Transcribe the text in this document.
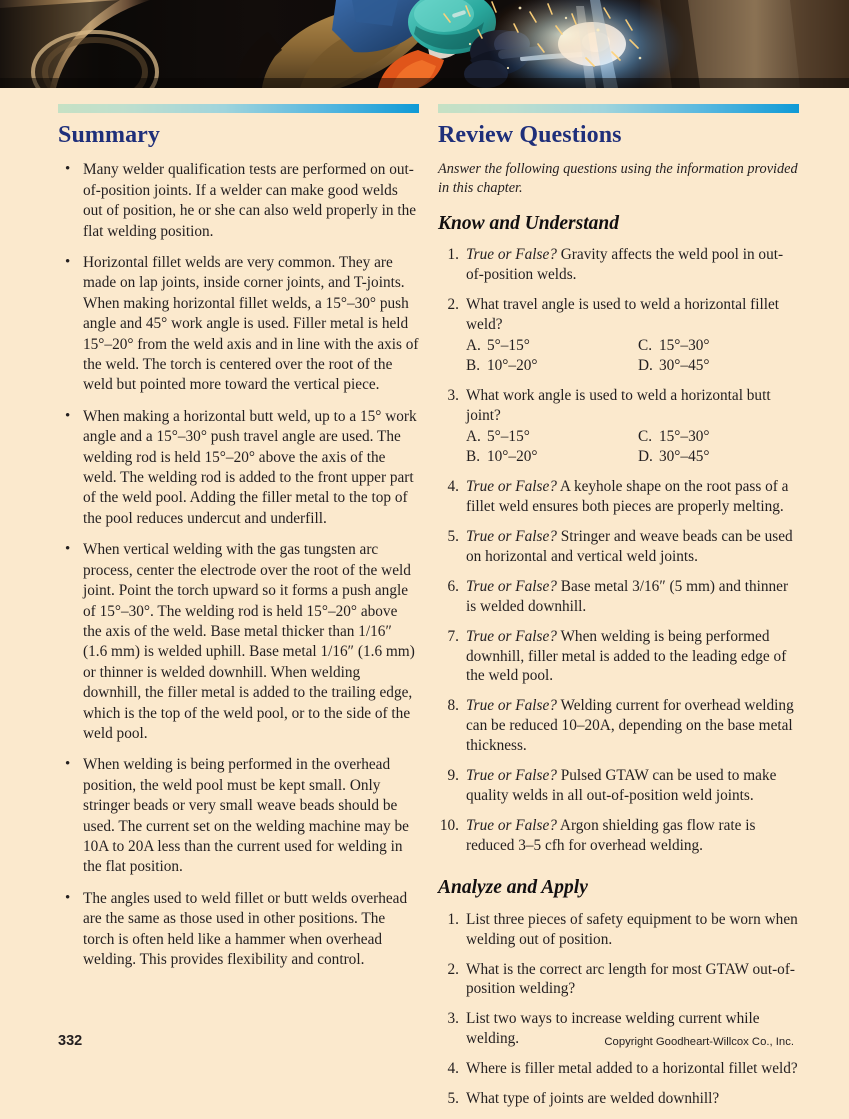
Summary
• Many welder qualification tests are performed on out-of-position joints. If a welder can make good welds out of position, he or she can also weld properly in the flat welding position.
• Horizontal fillet welds are very common. They are made on lap joints, inside corner joints, and T-joints. When making horizontal fillet welds, a 15°–30° push angle and 45° work angle is used. Filler metal is held 15°–20° from the weld axis and in line with the axis of the weld. The torch is centered over the root of the weld but pointed more toward the vertical piece.
• When making a horizontal butt weld, up to a 15° work angle and a 15°–30° push travel angle are used. The welding rod is held 15°–20° above the axis of the weld. The welding rod is added to the front upper part of the weld pool. Adding the filler metal to the top of the pool reduces undercut and underfill.
• When vertical welding with the gas tungsten arc process, center the electrode over the root of the weld joint. Point the torch upward so it forms a push angle of 15°–30°. The welding rod is held 15°–20° above the axis of the weld. Base metal thicker than 1/16″ (1.6 mm) is welded uphill. Base metal 1/16″ (1.6 mm) or thinner is welded downhill. When welding downhill, the filler metal is added to the trailing edge, which is the top of the weld pool, or to the side of the weld pool.
• When welding is being performed in the overhead position, the weld pool must be kept small. Only stringer beads or very small weave beads should be used. The current set on the welding machine may be 10A to 20A less than the current used for welding in the flat position.
• The angles used to weld fillet or butt welds overhead are the same as those used in other positions. The torch is often held like a hammer when overhead welding. This provides flexibility and control.
Review Questions

Answer the following questions using the information provided in this chapter.

Know and Understand
1. True or False? Gravity affects the weld pool in out-of-position welds.
2. What travel angle is used to weld a horizontal fillet weld?
A. 5°–15°	C. 15°–30°
B. 10°–20°	D. 30°–45°
3. What work angle is used to weld a horizontal butt joint?
A. 5°–15°	C. 15°–30°
B. 10°–20°	D. 30°–45°
4. True or False? A keyhole shape on the root pass of a fillet weld ensures both pieces are properly melting.
5. True or False? Stringer and weave beads can be used on horizontal and vertical weld joints.
6. True or False? Base metal 3/16″ (5 mm) and thinner is welded downhill.
7. True or False? When welding is being performed downhill, filler metal is added to the leading edge of the weld pool.
8. True or False? Welding current for overhead welding can be reduced 10–20A, depending on the base metal thickness.
9. True or False? Pulsed GTAW can be used to make quality welds in all out-of-position weld joints.
10. True or False? Argon shielding gas flow rate is reduced 3–5 cfh for overhead welding.
Analyze and Apply
1. List three pieces of safety equipment to be worn when welding out of position.
2. What is the correct arc length for most GTAW out-of-position welding?
3. List two ways to increase welding current while welding.
4. Where is filler metal added to a horizontal fillet weld?
5. What type of joints are welded downhill?
332	Copyright Goodheart-Willcox Co., Inc.
